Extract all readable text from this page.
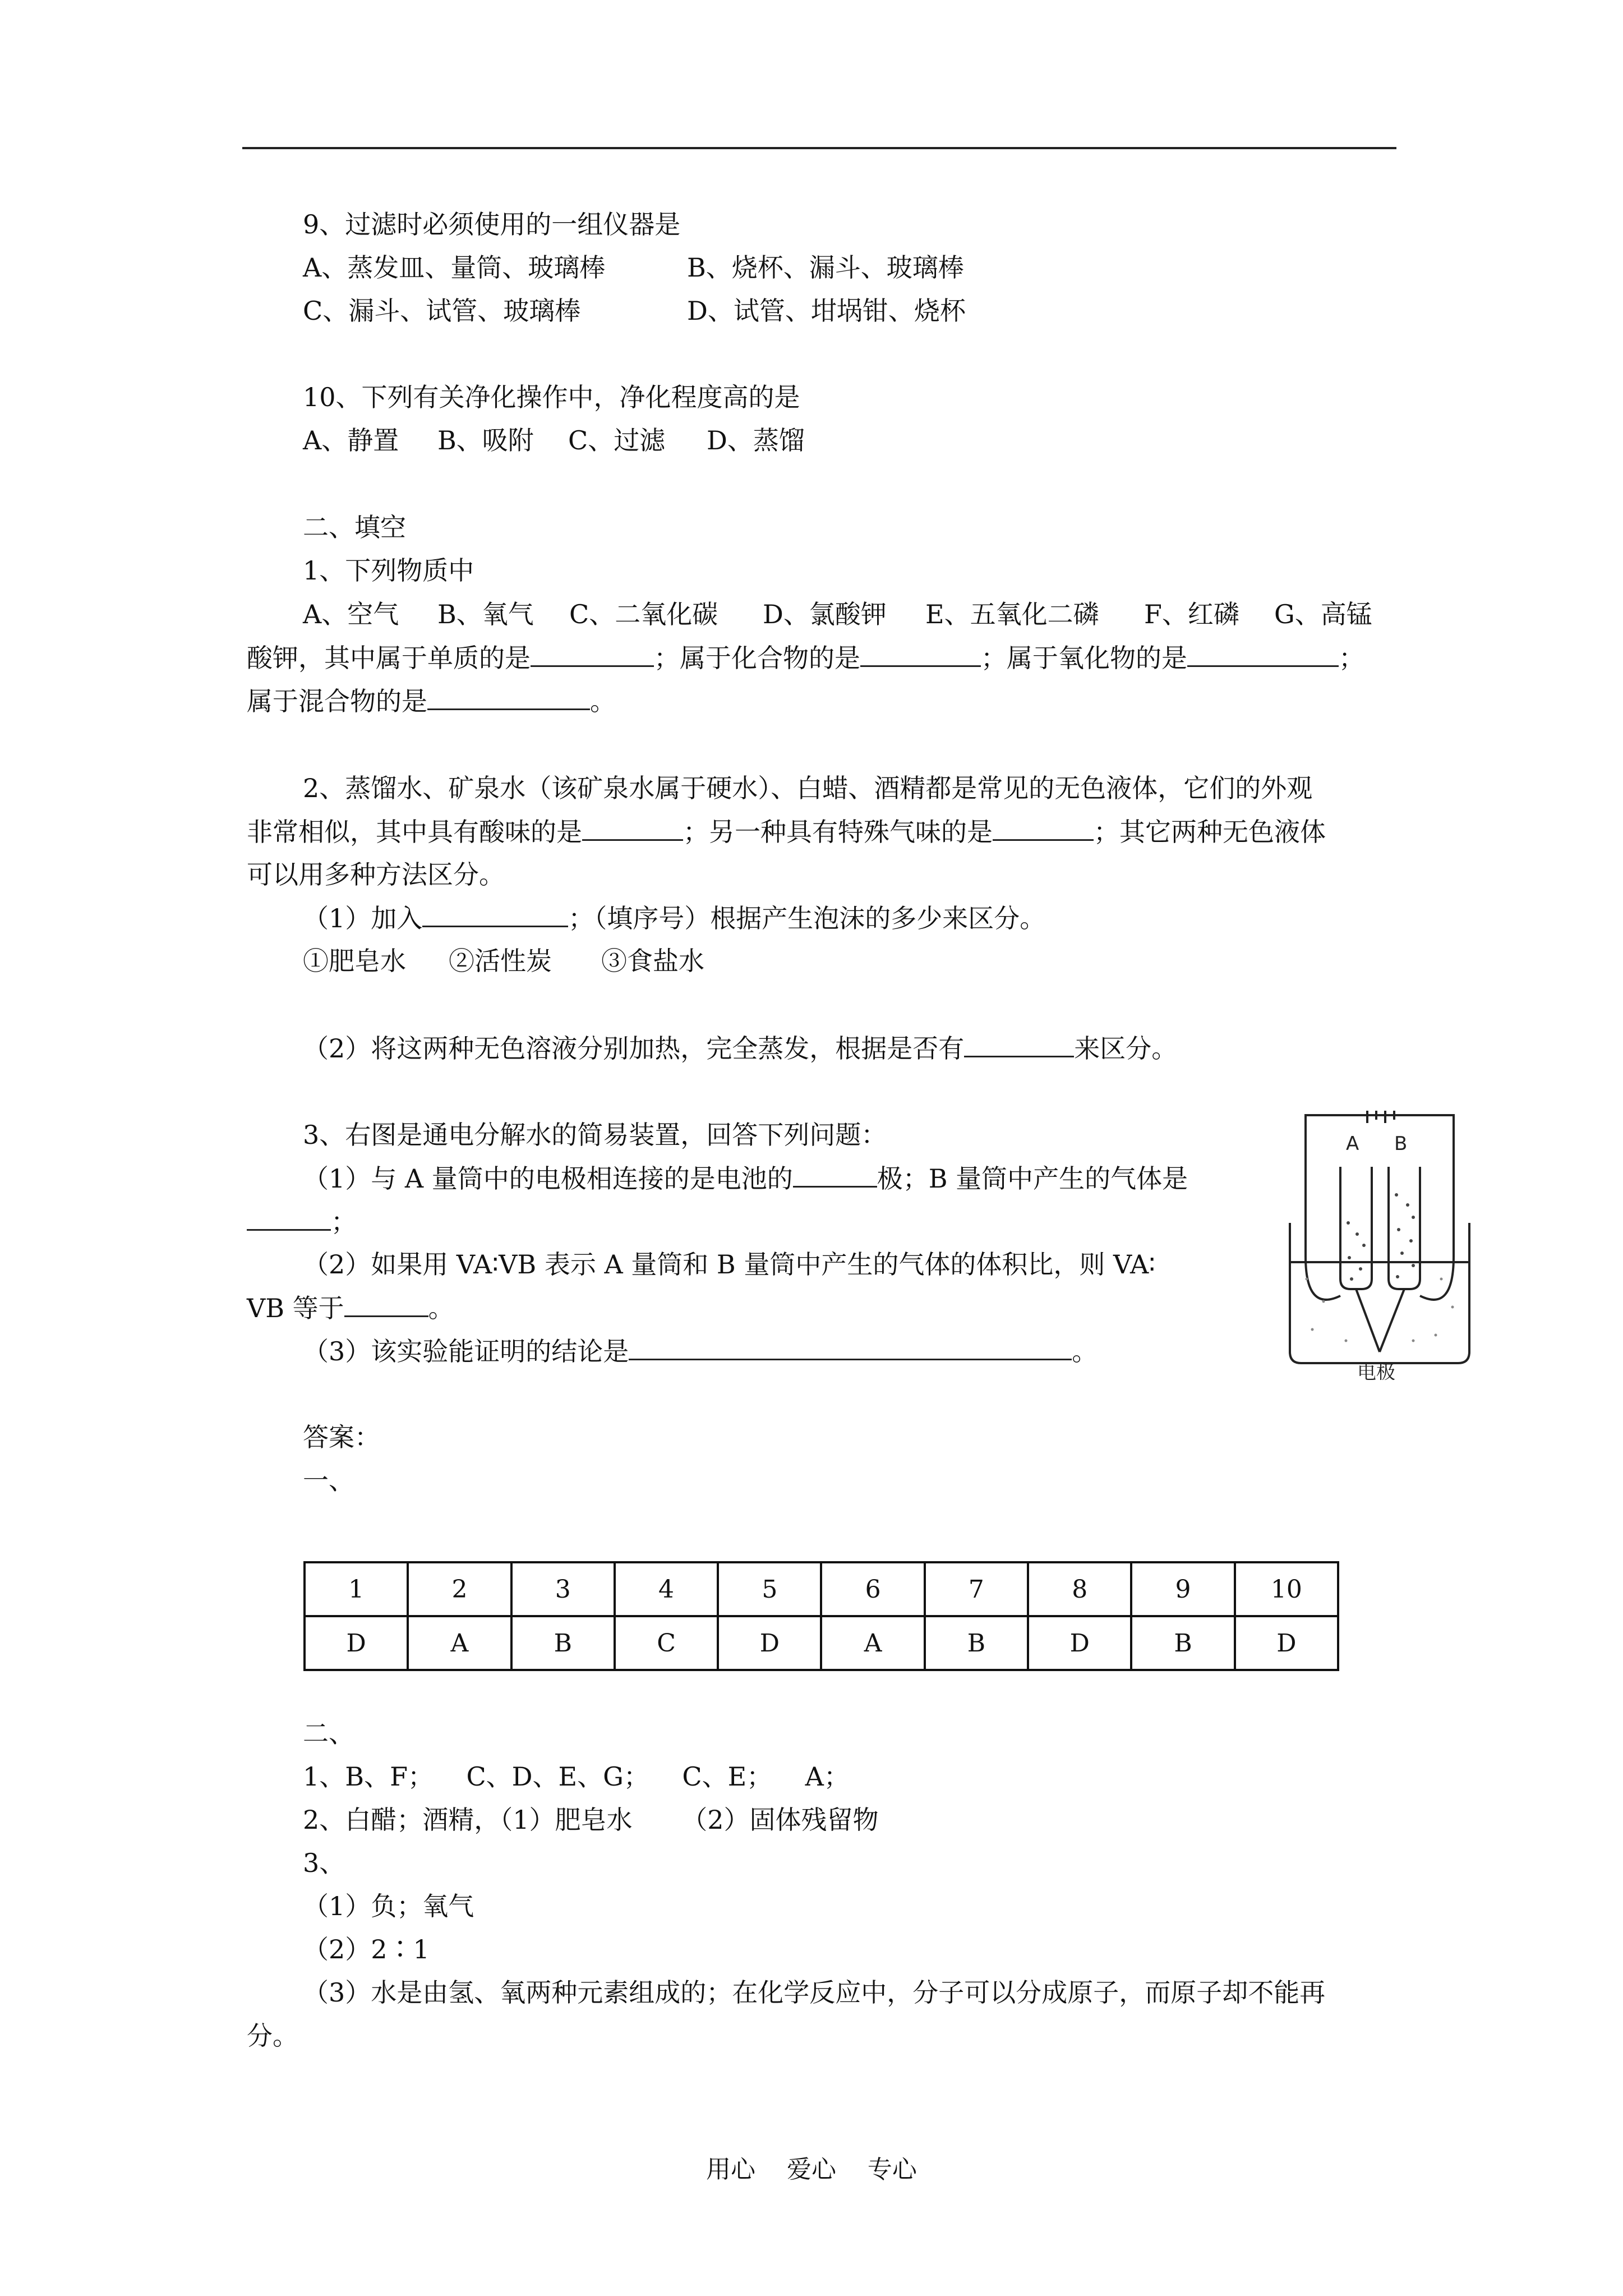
9、过滤时必须使用的一组仪器是
A、蒸发皿、量筒、玻璃棒	B、烧杯、漏斗、玻璃棒
C、漏斗、试管、玻璃棒	D、试管、坩埚钳、烧杯
10、下列有关净化操作中，净化程度高的是
A、静置 B、吸附 C、过滤 D、蒸馏
二、填空
1、下列物质中
A、空气 B、氧气 C、二氧化碳 D、氯酸钾 E、五氧化二磷 F、红磷 G、高锰
酸钾，其中属于单质的是	；属于化合物的是	；属于氧化物的是	；
属于混合物的是	。
2、蒸馏水、矿泉水（该矿泉水属于硬水）、白蜡、酒精都是常见的无色液体，它们的外观
非常相似，其中具有酸味的是	；另一种具有特殊气味的是	；其它两种无色液体
可以用多种方法区分。
（1）加入	；（填序号）根据产生泡沫的多少来区分。
①肥皂水 ②活性炭 ③食盐水
（2）将这两种无色溶液分别加热，完全蒸发，根据是否有	来区分。
3、右图是通电分解水的简易装置，回答下列问题：
（1）与 A 量筒中的电极相连接的是电池的	极；B 量筒中产生的气体是
；
（2）如果用 VA∶VB 表示 A 量筒和 B 量筒中产生的气体的体积比，则 VA∶
VB 等于	。
（3）该实验能证明的结论是	。
A B
电极
答案：
一、
1	2	3	4	5	6	7	8	9	10
D	A	B	C	D	A	B	D	B	D
二、
1、B、F；    C、D、E、G；    C、E；    A；
2、白醋；酒精，（1）肥皂水      （2）固体残留物
3、
（1）负；氧气
（2）2∶1
（3）水是由氢、氧两种元素组成的；在化学反应中，分子可以分成原子，而原子却不能再
分。
用心    爱心    专心
